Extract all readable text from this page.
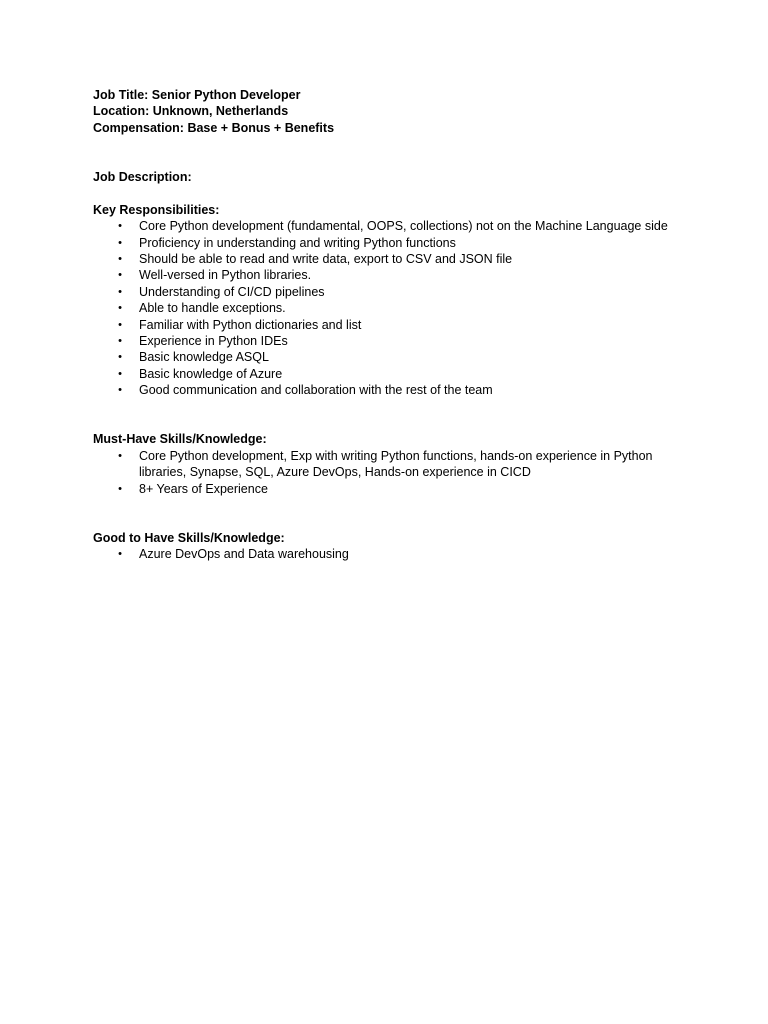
Job Title: Senior Python Developer
Location: Unknown, Netherlands
Compensation: Base + Bonus + Benefits
Job Description:
Key Responsibilities:
• Core Python development (fundamental, OOPS, collections) not on the Machine Language side
• Proficiency in understanding and writing Python functions
• Should be able to read and write data, export to CSV and JSON file
• Well-versed in Python libraries.
• Understanding of CI/CD pipelines
• Able to handle exceptions.
• Familiar with Python dictionaries and list
• Experience in Python IDEs
• Basic knowledge ASQL
• Basic knowledge of Azure
• Good communication and collaboration with the rest of the team
Must-Have Skills/Knowledge:
• Core Python development, Exp with writing Python functions, hands-on experience in Python libraries, Synapse, SQL, Azure DevOps, Hands-on experience in CICD
• 8+ Years of Experience
Good to Have Skills/Knowledge:
• Azure DevOps and Data warehousing
